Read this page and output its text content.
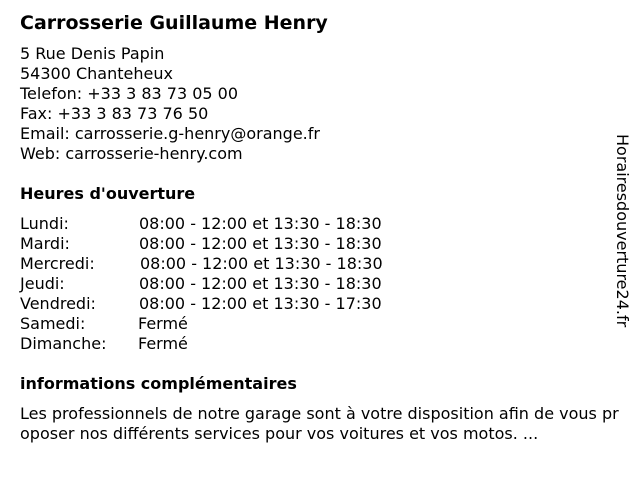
Carrosserie Guillaume Henry
5 Rue Denis Papin
54300 Chanteheux
Telefon: +33 3 83 73 05 00
Fax: +33 3 83 73 76 50
Email: carrosserie.g-henry@orange.fr
Web: carrosserie-henry.com
Heures d'ouverture
Lundi:	08:00 - 12:00 et 13:30 - 18:30
Mardi:	08:00 - 12:00 et 13:30 - 18:30
Mercredi:	08:00 - 12:00 et 13:30 - 18:30
Jeudi:	08:00 - 12:00 et 13:30 - 18:30
Vendredi:	08:00 - 12:00 et 13:30 - 17:30
Samedi:	Fermé
Dimanche: Fermé
informations complémentaires
Les professionnels de notre garage sont à votre disposition afin de vous proposer nos différents services pour vos voitures et vos motos. ...
Horairesdouverture24.fr
